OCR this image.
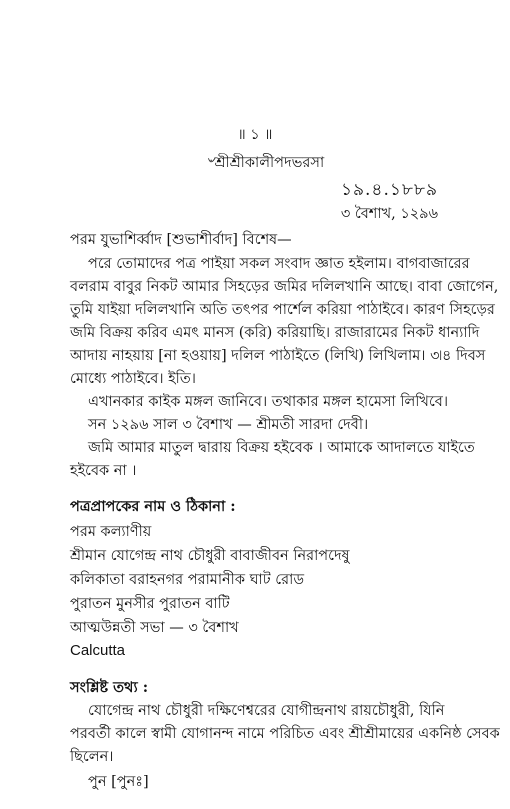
॥ ১ ॥
৺শ্রীশ্রীকালীপদভরসা
১৯.৪.১৮৮৯
৩ বৈশাখ, ১২৯৬
পরম যুভাশির্ব্বাদ [শুভাশীর্বাদ] বিশেষ—
পরে তোমাদের পত্র পাইয়া সকল সংবাদ জ্ঞাত হইলাম। বাগবাজারের
বলরাম বাবুর নিকট আমার সিহড়ের জমির দলিলখানি আছে। বাবা জোগেন,
তুমি যাইয়া দলিলখানি অতি তৎপর পার্শেল করিয়া পাঠাইবে। কারণ সিহড়ের
জমি বিক্রয় করিব এমৎ মানস (করি) করিয়াছি। রাজারামের নিকট ধান্যাদি
আদায় নাহয়ায় [না হওয়ায়] দলিল পাঠাইতে (লিখি) লিখিলাম। ৩৷৪ দিবস
মোধ্যে পাঠাইবে। ইতি।
এখানকার কাইক মঙ্গল জানিবে। তথাকার মঙ্গল হামেসা লিখিবে।
সন ১২৯৬ সাল ৩ বৈশাখ — শ্রীমতী সারদা দেবী।
জমি আমার মাতুল দ্বারায় বিক্রয় হইবেক । আমাকে আদালতে যাইতে
হইবেক না ।
পত্রপ্রাপকের নাম ও ঠিকানা :
পরম কল্যাণীয়
শ্রীমান যোগেন্দ্র নাথ চৌধুরী বাবাজীবন নিরাপদেষু
কলিকাতা বরাহনগর পরামানীক ঘাট রোড
পুরাতন মুনসীর পুরাতন বাটি
আত্মউন্নতী সভা — ৩ বৈশাখ
Calcutta
সংশ্লিষ্ট তথ্য :
যোগেন্দ্র নাথ চৌধুরী দক্ষিণেশ্বরের যোগীন্দ্রনাথ রায়চৌধুরী, যিনি
পরবর্তী কালে স্বামী যোগানন্দ নামে পরিচিত এবং শ্রীশ্রীমায়ের একনিষ্ঠ সেবক
ছিলেন।
পুন [পুনঃ]
